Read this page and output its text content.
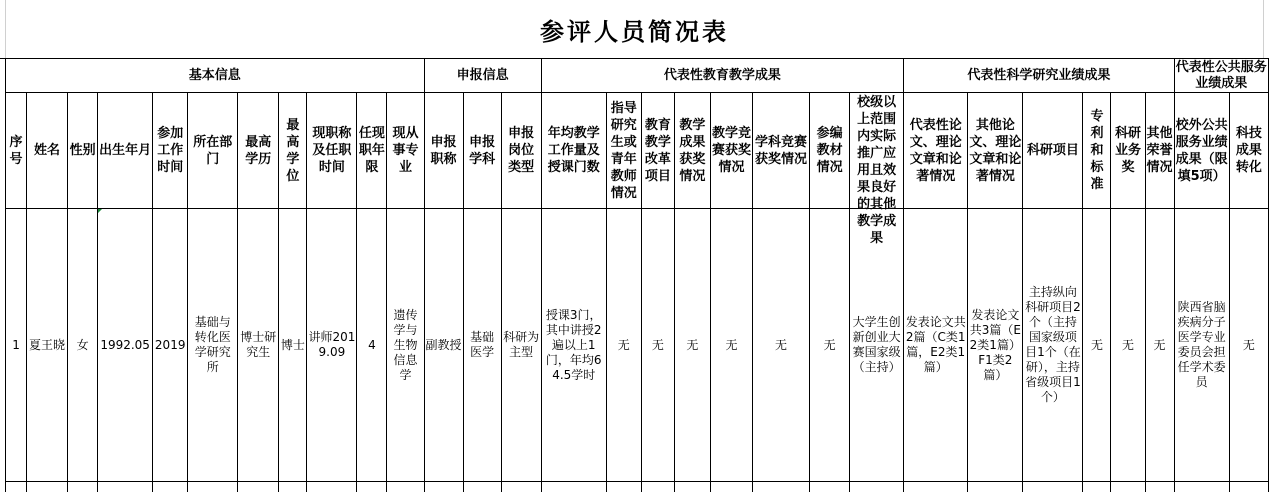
参评人员简况表
基本信息											申报信息			代表性教育教学成果								代表性科学研究业绩成果						代表性公共服务业绩成果	
序号	姓名	性别	出生年月	参加工作时间	所在部门	最高学历	最高学位	现职称及任职时间	任现职年限	现从事专业	申报职称	申报学科	申报岗位类型	年均教学工作量及授课门数	指导研究生或青年教师情况	教育教学改革项目	教学成果获奖情况	教学竞赛获奖情况	学科竞赛获奖情况	参编教材情况	校级以上范围内实际推广应用且效果良好的其他教学成果	代表性论文、理论文章和论著情况	其他论文、理论文章和论著情况	科研项目	专利和标准	科研业务奖	其他荣誉情况	校外公共服务业绩成果（限填5项）	科技成果转化
1	夏王晓	女	1992.05	2019	基础与转化医学研究所	博士研究生	博士	讲师2019.09	4	遗传学与生物信息学	副教授	基础医学	科研为主型	授课3门，其中讲授2遍以上1门，年均64.5学时	无	无	无	无	无	无	大学生创新创业大赛国家级（主持）	发表论文共2篇（C类1篇，E2类1篇）	发表论文共3篇（E2类1篇）F1类2篇）	主持纵向科研项目2个（主持国家级项目1个（在研），主持省级项目1个）	无	无	无	陕西省脑疾病分子医学专业委员会担任学术委员	无
